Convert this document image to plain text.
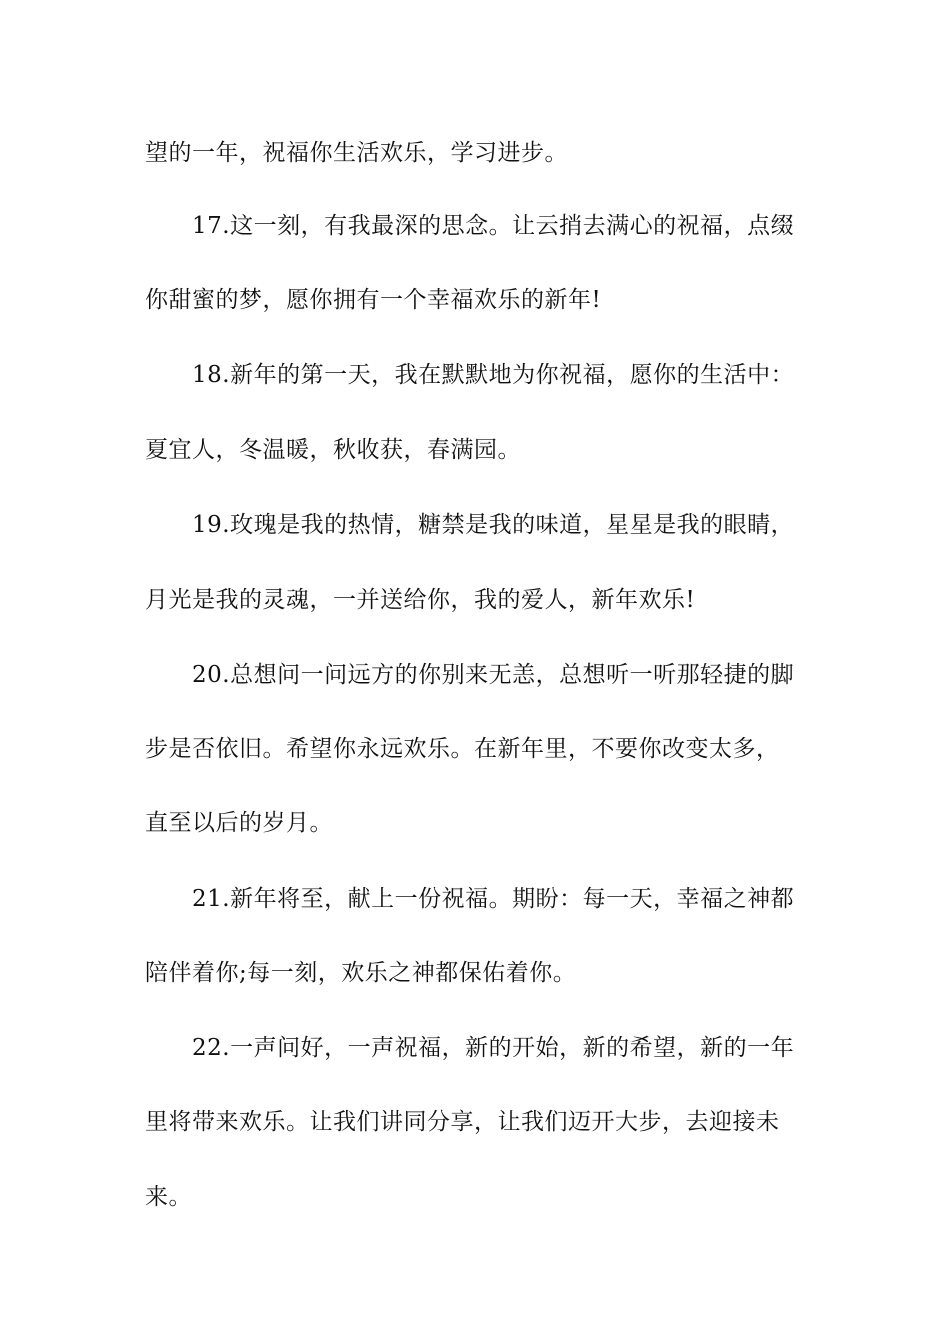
望的一年，祝福你生活欢乐，学习进步。
17.这一刻，有我最深的思念。让云捎去满心的祝福，点缀
你甜蜜的梦，愿你拥有一个幸福欢乐的新年!
18.新年的第一天，我在默默地为你祝福，愿你的生活中：
夏宜人，冬温暖，秋收获，春满园。
19.玫瑰是我的热情，糖禁是我的味道，星星是我的眼睛，
月光是我的灵魂，一并送给你，我的爱人，新年欢乐!
20.总想问一问远方的你别来无恙，总想听一听那轻捷的脚
步是否依旧。希望你永远欢乐。在新年里，不要你改变太多，
直至以后的岁月。
21.新年将至，献上一份祝福。期盼：每一天，幸福之神都
陪伴着你;每一刻，欢乐之神都保佑着你。
22.一声问好，一声祝福，新的开始，新的希望，新的一年
里将带来欢乐。让我们讲同分享，让我们迈开大步，去迎接未
来。
